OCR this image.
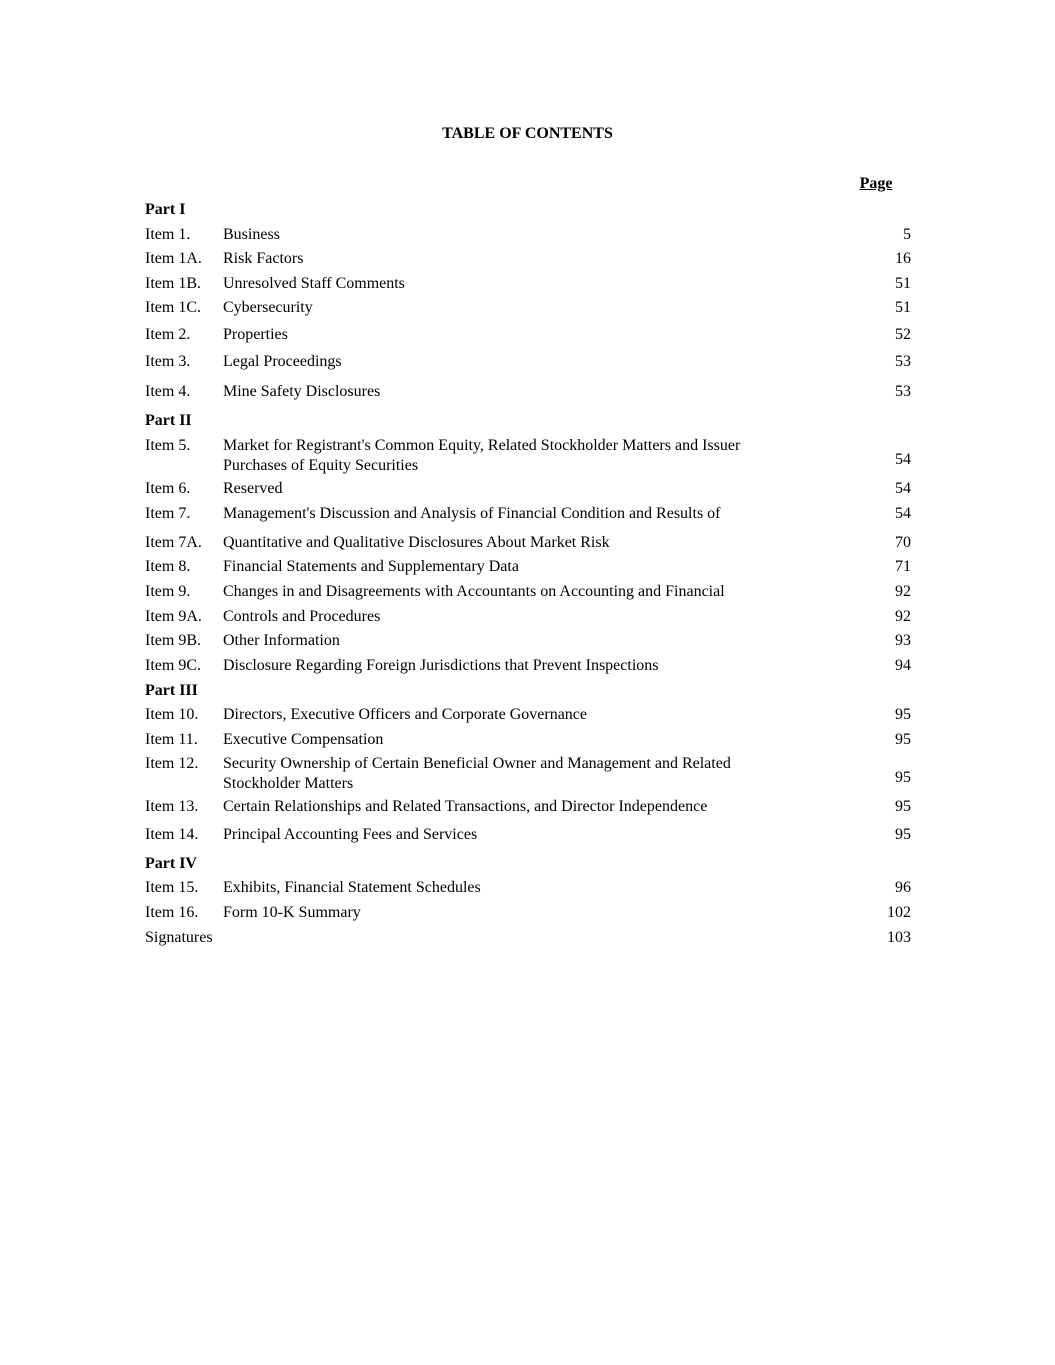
TABLE OF CONTENTS
Page
Part I
Item 1. Business	5
Item 1A. Risk Factors	16
Item 1B. Unresolved Staff Comments	51
Item 1C. Cybersecurity	51
Item 2. Properties	52
Item 3. Legal Proceedings	53
Item 4. Mine Safety Disclosures	53
Part II
Item 5. Market for Registrant's Common Equity, Related Stockholder Matters and Issuer
Purchases of Equity Securities	54
Item 6. Reserved	54
Item 7. Management's Discussion and Analysis of Financial Condition and Results of	54
Item 7A. Quantitative and Qualitative Disclosures About Market Risk	70
Item 8. Financial Statements and Supplementary Data	71
Item 9. Changes in and Disagreements with Accountants on Accounting and Financial	92
Item 9A. Controls and Procedures	92
Item 9B. Other Information	93
Item 9C. Disclosure Regarding Foreign Jurisdictions that Prevent Inspections	94
Part III
Item 10. Directors, Executive Officers and Corporate Governance	95
Item 11. Executive Compensation	95
Item 12. Security Ownership of Certain Beneficial Owner and Management and Related
Stockholder Matters	95
Item 13. Certain Relationships and Related Transactions, and Director Independence	95
Item 14. Principal Accounting Fees and Services	95
Part IV
Item 15. Exhibits, Financial Statement Schedules	96
Item 16. Form 10-K Summary	102
Signatures	103
